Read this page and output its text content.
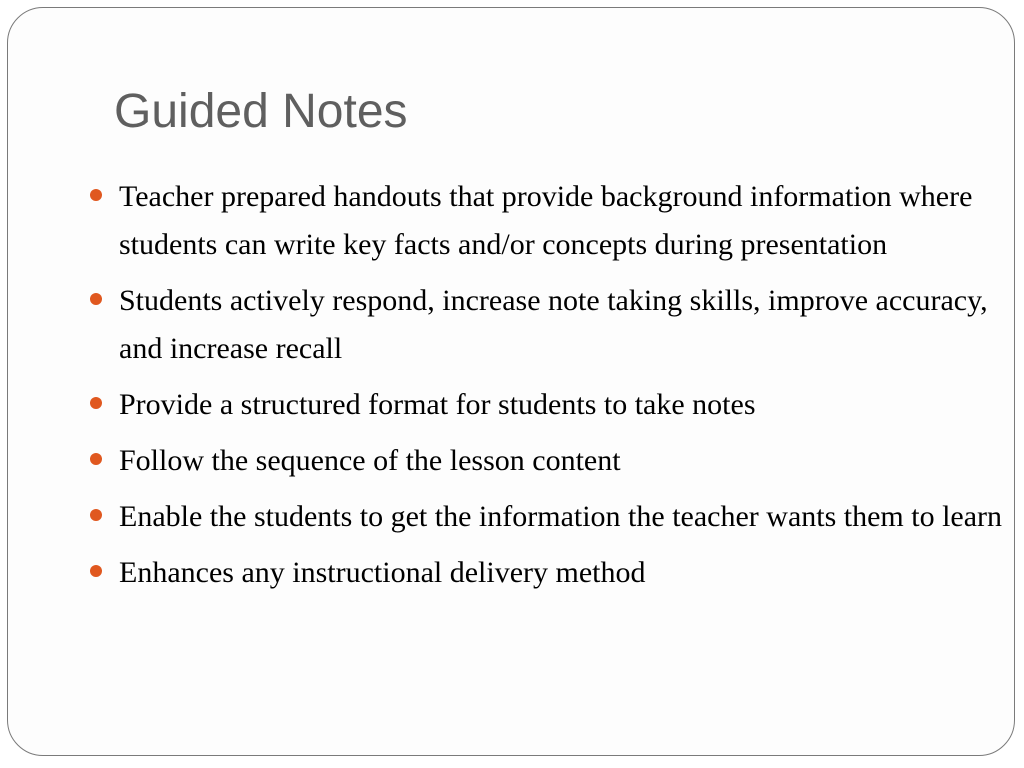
Guided Notes
Teacher prepared handouts that provide background information where students can write key facts and/or concepts during presentation
Students actively respond, increase note taking skills, improve accuracy, and increase recall
Provide a structured format for students to take notes
Follow the sequence of the lesson content
Enable the students to get the information the teacher wants them to learn
Enhances any instructional delivery method
